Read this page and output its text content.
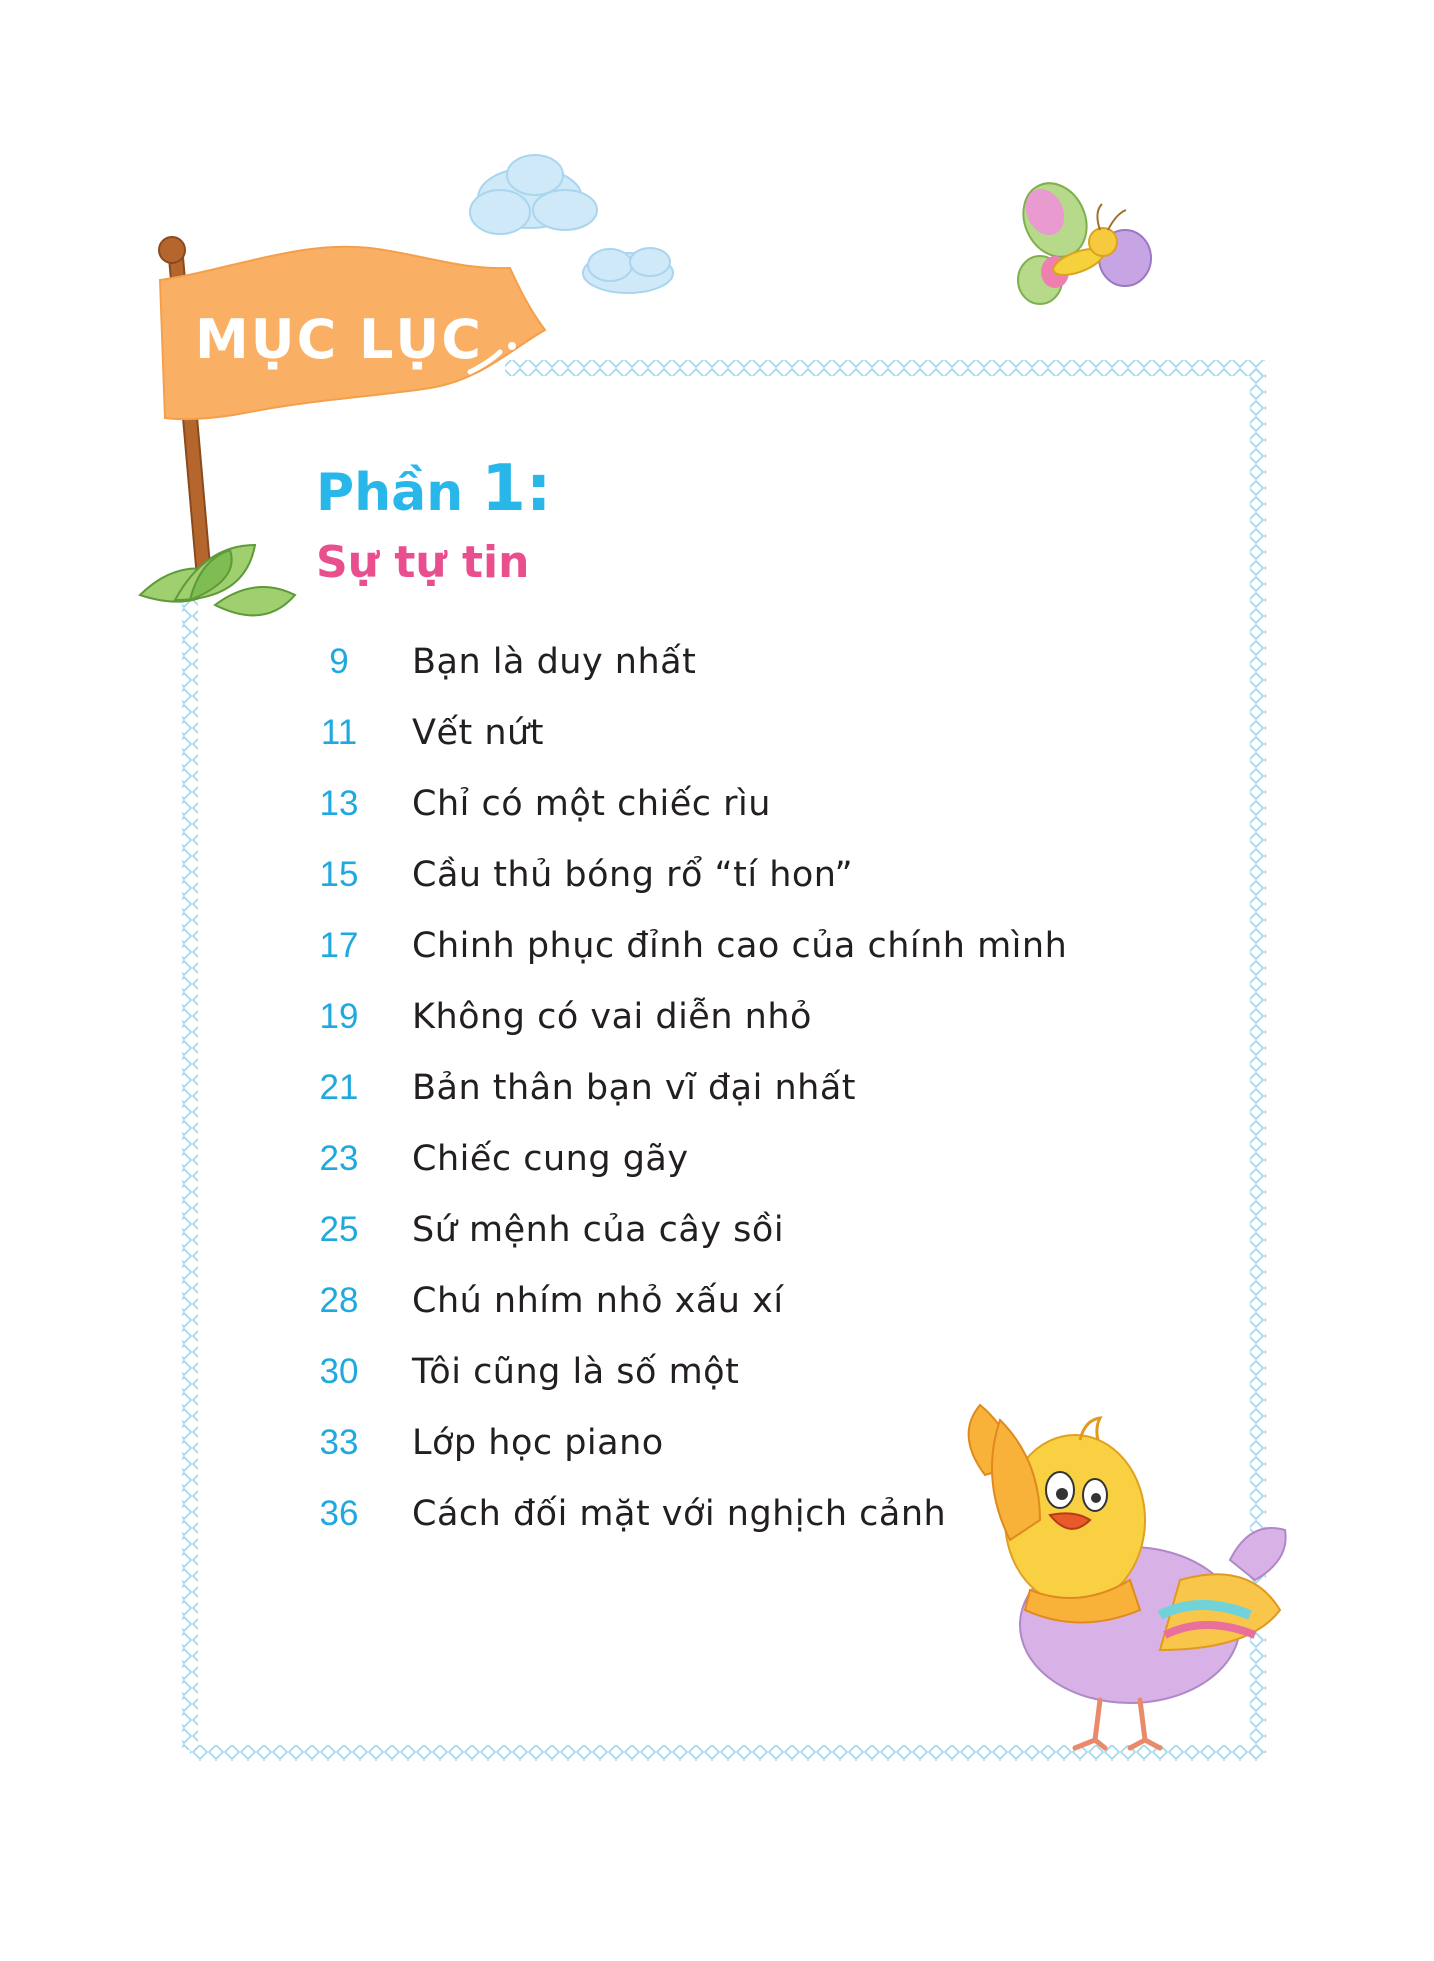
MỤC LỤC
Phần 1:
Sự tự tin
9	Bạn là duy nhất
11	Vết nứt
13	Chỉ có một chiếc rìu
15	Cầu thủ bóng rổ “tí hon”
17	Chinh phục đỉnh cao của chính mình
19	Không có vai diễn nhỏ
21	Bản thân bạn vĩ đại nhất
23	Chiếc cung gãy
25	Sứ mệnh của cây sồi
28	Chú nhím nhỏ xấu xí
30	Tôi cũng là số một
33	Lớp học piano
36	Cách đối mặt với nghịch cảnh
